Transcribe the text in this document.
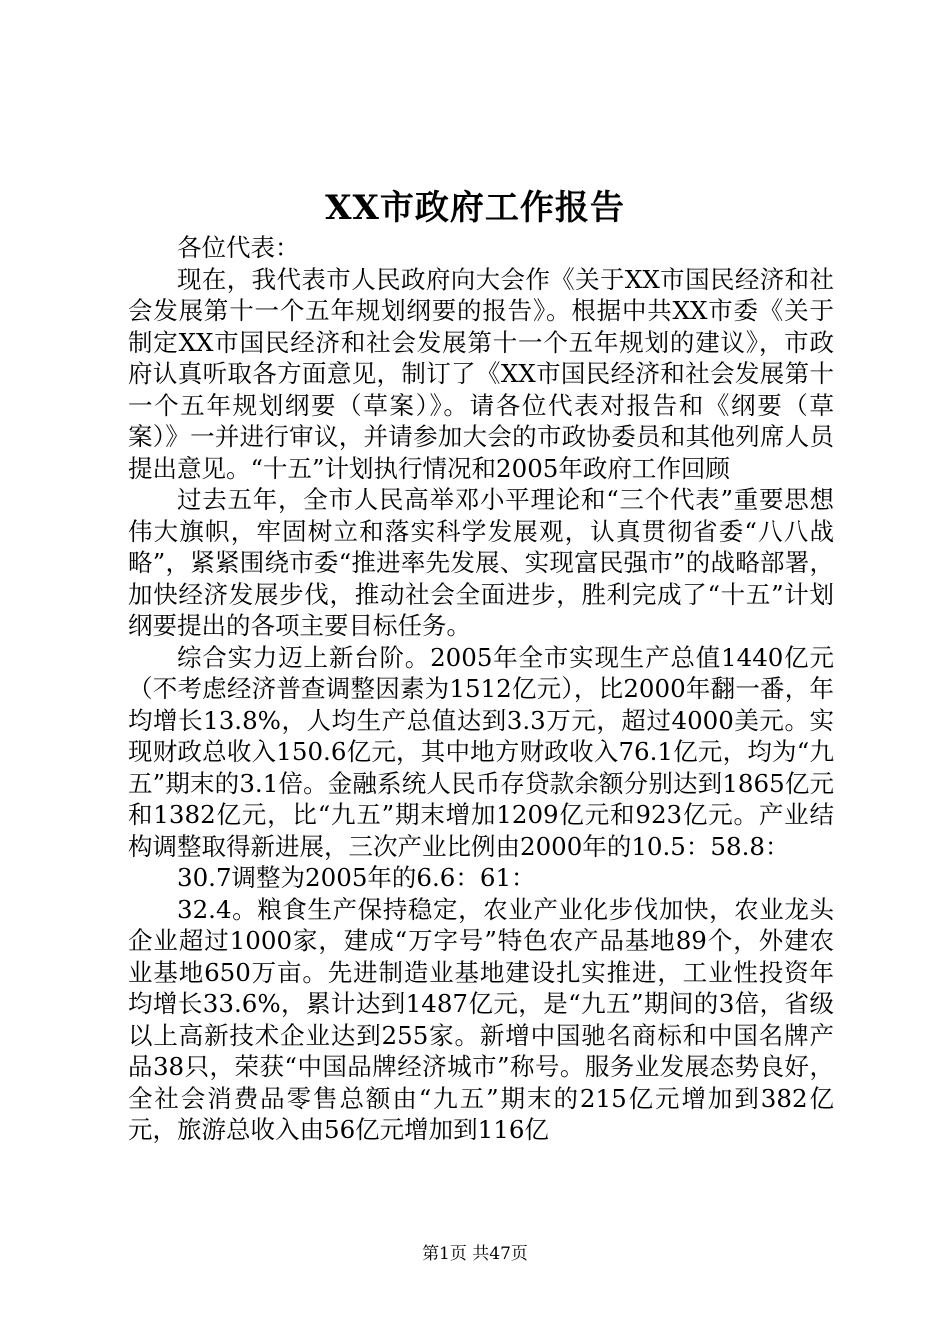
XX市政府工作报告

各位代表：

现在，我代表市人民政府向大会作《关于XX市国民经济和社会发展第十一个五年规划纲要的报告》。根据中共XX市委《关于制定XX市国民经济和社会发展第十一个五年规划的建议》，市政府认真听取各方面意见，制订了《XX市国民经济和社会发展第十一个五年规划纲要（草案）》。请各位代表对报告和《纲要（草案）》一并进行审议，并请参加大会的市政协委员和其他列席人员提出意见。“十五”计划执行情况和2005年政府工作回顾

过去五年，全市人民高举邓小平理论和“三个代表”重要思想伟大旗帜，牢固树立和落实科学发展观，认真贯彻省委“八八战略”，紧紧围绕市委“推进率先发展、实现富民强市”的战略部署，加快经济发展步伐，推动社会全面进步，胜利完成了“十五”计划纲要提出的各项主要目标任务。

综合实力迈上新台阶。2005年全市实现生产总值1440亿元（不考虑经济普查调整因素为1512亿元），比2000年翻一番，年均增长13.8%，人均生产总值达到3.3万元，超过4000美元。实现财政总收入150.6亿元，其中地方财政收入76.1亿元，均为“九五”期末的3.1倍。金融系统人民币存贷款余额分别达到1865亿元和1382亿元，比“九五”期末增加1209亿元和923亿元。产业结构调整取得新进展，三次产业比例由2000年的10.5：58.8：

30.7调整为2005年的6.6：61：

32.4。粮食生产保持稳定，农业产业化步伐加快，农业龙头企业超过1000家，建成“万字号”特色农产品基地89个，外建农业基地650万亩。先进制造业基地建设扎实推进，工业性投资年均增长33.6%，累计达到1487亿元，是“九五”期间的3倍，省级以上高新技术企业达到255家。新增中国驰名商标和中国名牌产品38只，荣获“中国品牌经济城市”称号。服务业发展态势良好，全社会消费品零售总额由“九五”期末的215亿元增加到382亿元，旅游总收入由56亿元增加到116亿

第1页 共47页
